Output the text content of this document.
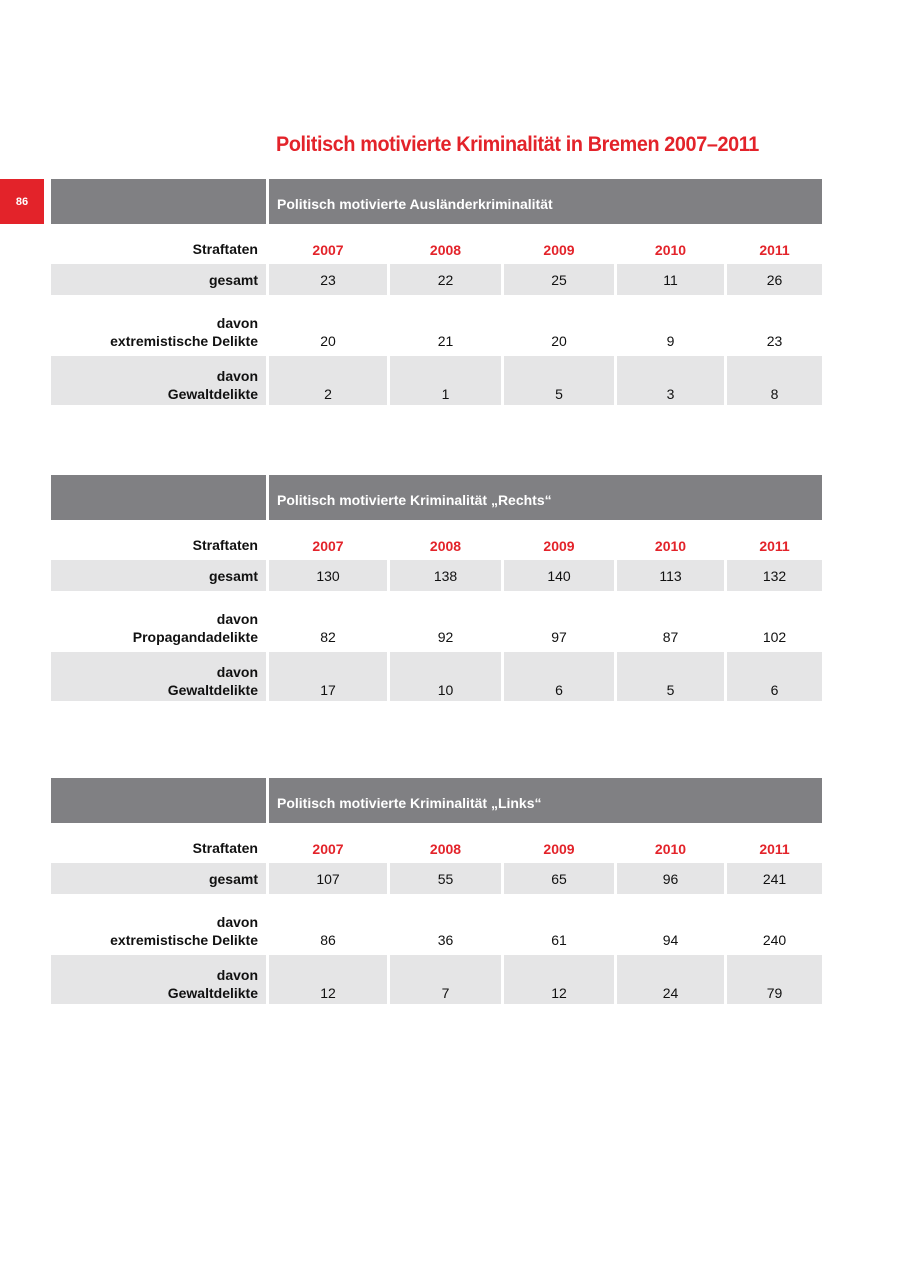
Politisch motivierte Kriminalität in Bremen 2007–2011
86	Politisch motivierte Ausländerkriminalität
Straftaten	2007	2008	2009	2010	2011
gesamt	23	22	25	11	26
davon
extremistische Delikte	20	21	20	9	23
davon
Gewaltdelikte	2	1	5	3	8
Politisch motivierte Kriminalität „Rechts“
Straftaten	2007	2008	2009	2010	2011
gesamt	130	138	140	113	132
davon
Propagandadelikte	82	92	97	87	102
davon
Gewaltdelikte	17	10	6	5	6
Politisch motivierte Kriminalität „Links“
Straftaten	2007	2008	2009	2010	2011
gesamt	107	55	65	96	241
davon
extremistische Delikte	86	36	61	94	240
davon
Gewaltdelikte	12	7	12	24	79
